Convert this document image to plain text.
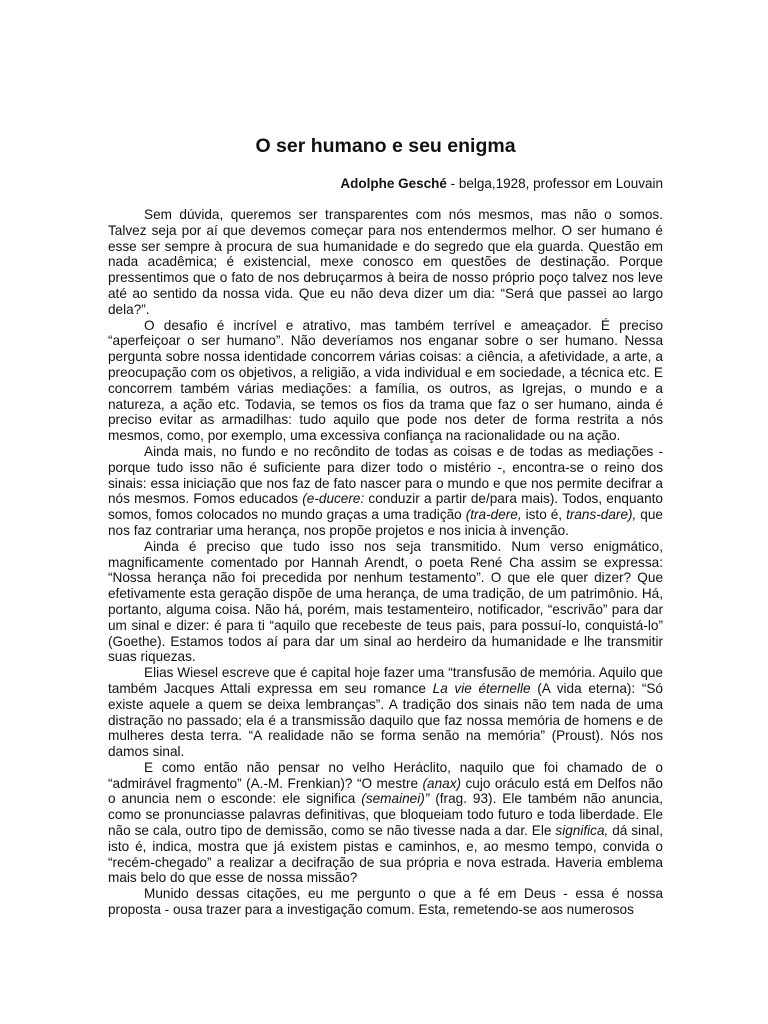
O ser humano e seu enigma
Adolphe Gesché - belga,1928, professor em Louvain

Sem dúvida, queremos ser transparentes com nós mesmos, mas não o somos. Talvez seja por aí que devemos começar para nos entendermos melhor. O ser humano é esse ser sempre à procura de sua humanidade e do segredo que ela guarda. Questão em nada acadêmica; é existencial, mexe conosco em questões de destinação. Porque pressentimos que o fato de nos debruçarmos à beira de nosso próprio poço talvez nos leve até ao sentido da nossa vida. Que eu não deva dizer um dia: “Será que passei ao largo dela?”.

O desafio é incrível e atrativo, mas também terrível e ameaçador. É preciso “aperfeiçoar o ser humano”. Não deveríamos nos enganar sobre o ser humano. Nessa pergunta sobre nossa identidade concorrem várias coisas: a ciência, a afetividade, a arte, a preocupação com os objetivos, a religião, a vida individual e em sociedade, a técnica etc. E concorrem também várias mediações: a família, os outros, as Igrejas, o mundo e a natureza, a ação etc. Todavia, se temos os fios da trama que faz o ser humano, ainda é preciso evitar as armadilhas: tudo aquilo que pode nos deter de forma restrita a nós mesmos, como, por exemplo, uma excessiva confiança na racionalidade ou na ação.

Ainda mais, no fundo e no recôndito de todas as coisas e de todas as mediações - porque tudo isso não é suficiente para dizer todo o mistério -, encontra-se o reino dos sinais: essa iniciação que nos faz de fato nascer para o mundo e que nos permite decifrar a nós mesmos. Fomos educados (e-ducere: conduzir a partir de/para mais). Todos, enquanto somos, fomos colocados no mundo graças a uma tradição (tra-dere, isto é, trans-dare), que nos faz contrariar uma herança, nos propõe projetos e nos inicia à invenção.

Ainda é preciso que tudo isso nos seja transmitido. Num verso enigmático, magnificamente comentado por Hannah Arendt, o poeta René Cha assim se expressa: “Nossa herança não foi precedida por nenhum testamento”. O que ele quer dizer? Que efetivamente esta geração dispõe de uma herança, de uma tradição, de um patrimônio. Há, portanto, alguma coisa. Não há, porém, mais testamenteiro, notificador, “escrivão” para dar um sinal e dizer: é para ti “aquilo que recebeste de teus pais, para possuí-lo, conquistá-lo” (Goethe). Estamos todos aí para dar um sinal ao herdeiro da humanidade e lhe transmitir suas riquezas.

Elias Wiesel escreve que é capital hoje fazer uma “transfusão de memória. Aquilo que também Jacques Attali expressa em seu romance La vie éternelle (A vida eterna): “Só existe aquele a quem se deixa lembranças”. A tradição dos sinais não tem nada de uma distração no passado; ela é a transmissão daquilo que faz nossa memória de homens e de mulheres desta terra. “A realidade não se forma senão na memória” (Proust). Nós nos damos sinal.

E como então não pensar no velho Heráclito, naquilo que foi chamado de o “admirável fragmento” (A.-M. Frenkian)? “O mestre (anax) cujo oráculo está em Delfos não o anuncia nem o esconde: ele significa (semainei)” (frag. 93). Ele também não anuncia, como se pronunciasse palavras definitivas, que bloqueiam todo futuro e toda liberdade. Ele não se cala, outro tipo de demissão, como se não tivesse nada a dar. Ele significa, dá sinal, isto é, indica, mostra que já existem pistas e caminhos, e, ao mesmo tempo, convida o “recém-chegado” a realizar a decifração de sua própria e nova estrada. Haveria emblema mais belo do que esse de nossa missão?

Munido dessas citações, eu me pergunto o que a fé em Deus - essa é nossa proposta - ousa trazer para a investigação comum. Esta, remetendo-se aos numerosos
